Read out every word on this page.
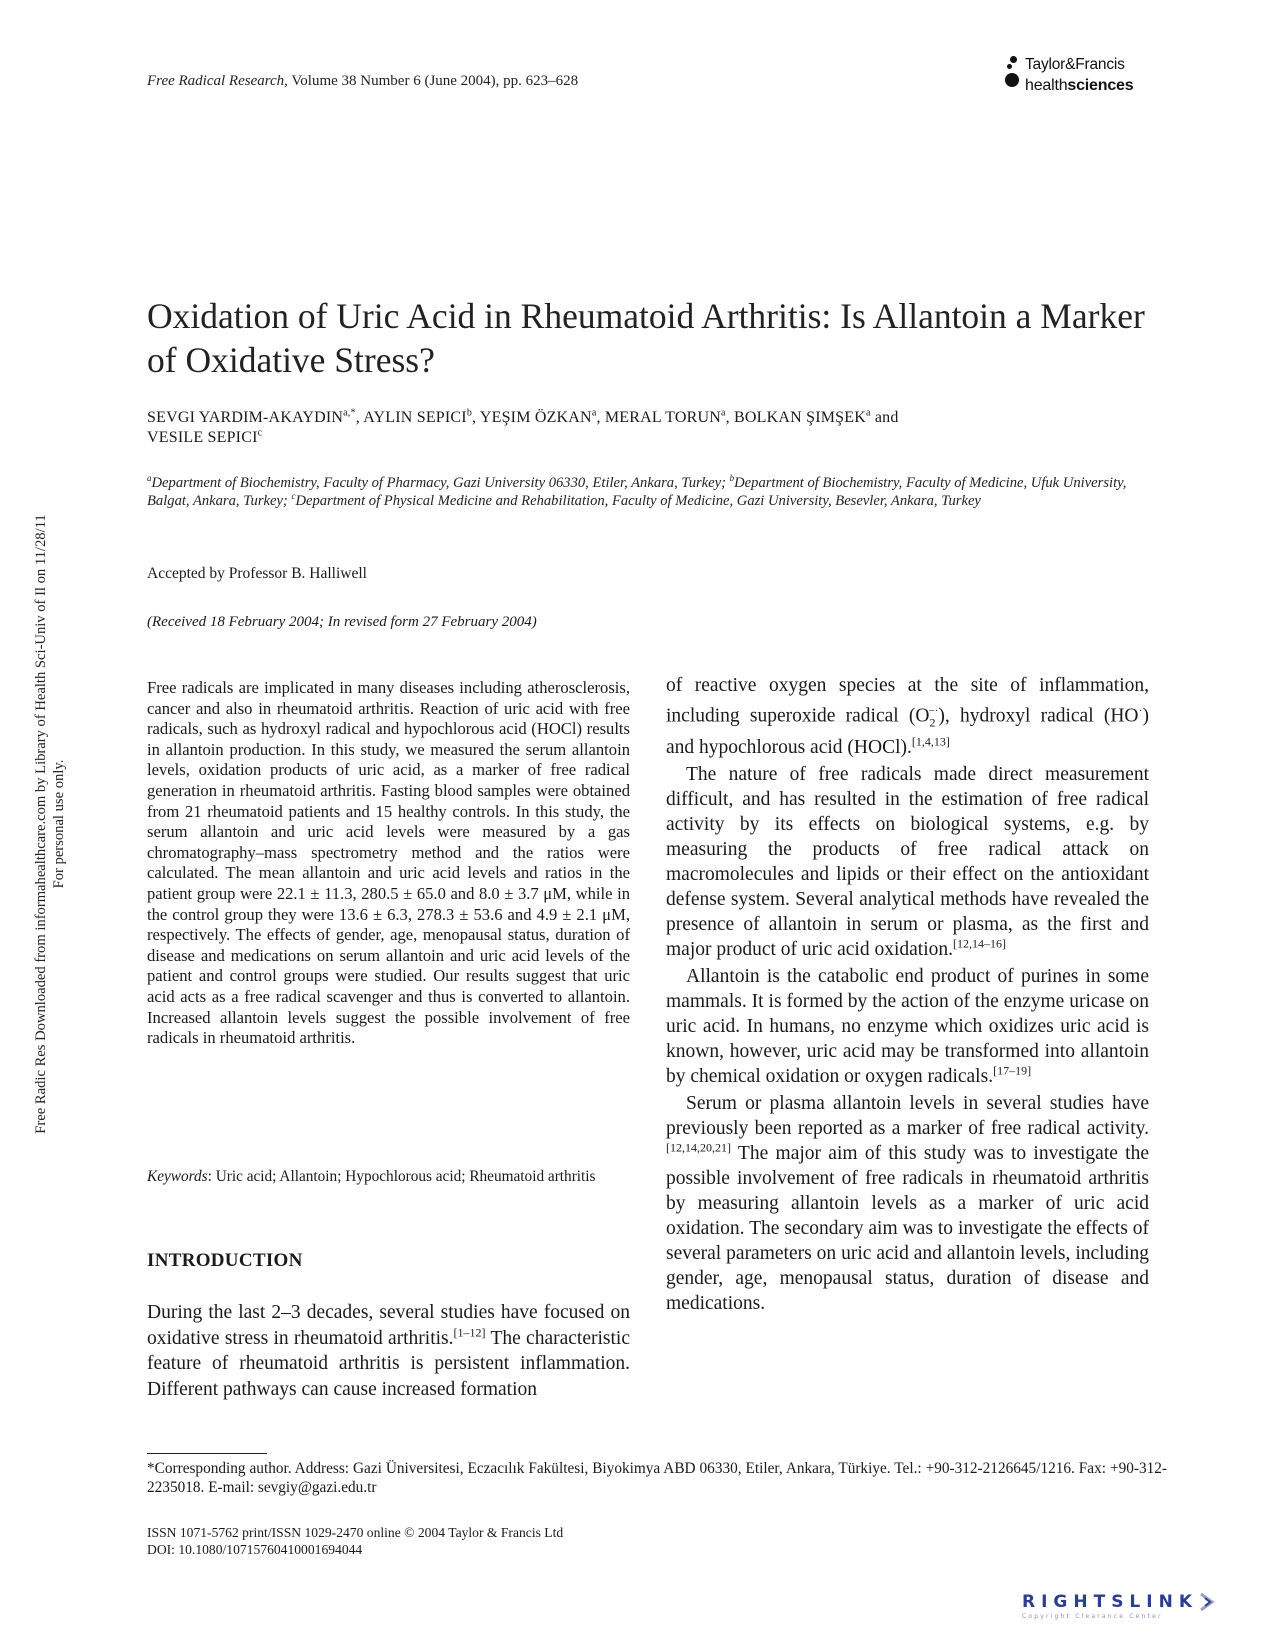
Free Radical Research, Volume 38 Number 6 (June 2004), pp. 623–628
Taylor&Francis
healthsciences
Free Radic Res Downloaded from informahealthcare.com by Library of Health Sci-Univ of Il on 11/28/11 For personal use only.
Oxidation of Uric Acid in Rheumatoid Arthritis: Is Allantoin a Marker of Oxidative Stress?
SEVGI YARDIM-$AKAYDIN^{a,*}$, AYLIN SEPICI$^b$, YEŞIM ÖZKAN$^a$, MERAL TORUN$^a$, BOLKAN ŞIMŞEK$^a$ and
VESILE SEPICI$^c$
$^a$Department of Biochemistry, Faculty of Pharmacy, Gazi University 06330, Etiler, Ankara, Turkey; $^b$Department of Biochemistry, Faculty of Medicine, Ufuk University, Balgat, Ankara, Turkey; $^c$Department of Physical Medicine and Rehabilitation, Faculty of Medicine, Gazi University, Besevler, Ankara, Turkey
Accepted by Professor B. Halliwell
(Received 18 February 2004; In revised form 27 February 2004)

Free radicals are implicated in many diseases including atherosclerosis, cancer and also in rheumatoid arthritis. Reaction of uric acid with free radicals, such as hydroxyl radical and hypochlorous acid (HOCl) results in allantoin production. In this study, we measured the serum allantoin levels, oxidation products of uric acid, as a marker of free radical generation in rheumatoid arthritis. Fasting blood samples were obtained from 21 rheumatoid patients and 15 healthy controls. In this study, the serum allantoin and uric acid levels were measured by a gas chromatography–mass spectrometry method and the ratios were calculated. The mean allantoin and uric acid levels and ratios in the patient group were 22.1 ± 11.3, 280.5 ± 65.0 and 8.0 ± 3.7 μM, while in the control group they were 13.6 ± 6.3, 278.3 ± 53.6 and 4.9 ± 2.1 μM, respectively. The effects of gender, age, menopausal status, duration of disease and medications on serum allantoin and uric acid levels of the patient and control groups were studied. Our results suggest that uric acid acts as a free radical scavenger and thus is converted to allantoin. Increased allantoin levels suggest the possible involvement of free radicals in rheumatoid arthritis.

Keywords: Uric acid; Allantoin; Hypochlorous acid; Rheumatoid arthritis

INTRODUCTION

During the last 2–3 decades, several studies have focused on oxidative stress in rheumatoid arthritis.[1–12] The characteristic feature of rheumatoid arthritis is persistent inflammation. Different pathways can cause increased formation

of reactive oxygen species at the site of inflammation, including superoxide radical $(O_2^{-\cdot})$, hydroxyl radical (HO·) and hypochlorous acid (HOCl).[1,4,13]

The nature of free radicals made direct measurement difficult, and has resulted in the estimation of free radical activity by its effects on biological systems, e.g. by measuring the products of free radical attack on macromolecules and lipids or their effect on the antioxidant defense system. Several analytical methods have revealed the presence of allantoin in serum or plasma, as the first and major product of uric acid oxidation.[12,14–16]

Allantoin is the catabolic end product of purines in some mammals. It is formed by the action of the enzyme uricase on uric acid. In humans, no enzyme which oxidizes uric acid is known, however, uric acid may be transformed into allantoin by chemical oxidation or oxygen radicals.[17–19]

Serum or plasma allantoin levels in several studies have previously been reported as a marker of free radical activity.[12,14,20,21] The major aim of this study was to investigate the possible involvement of free radicals in rheumatoid arthritis by measuring allantoin levels as a marker of uric acid oxidation. The secondary aim was to investigate the effects of several parameters on uric acid and allantoin levels, including gender, age, menopausal status, duration of disease and medications.

*Corresponding author. Address: Gazi Üniversitesi, Eczacılık Fakültesi, Biyokimya ABD 06330, Etiler, Ankara, Türkiye. Tel.: +90-312-2126645/1216. Fax: +90-312-2235018. E-mail: sevgiy@gazi.edu.tr

ISSN 1071-5762 print/ISSN 1029-2470 online © 2004 Taylor & Francis Ltd
DOI: 10.1080/10715760410001694044
RIGHTSLINK
Copyright Clearance Center
